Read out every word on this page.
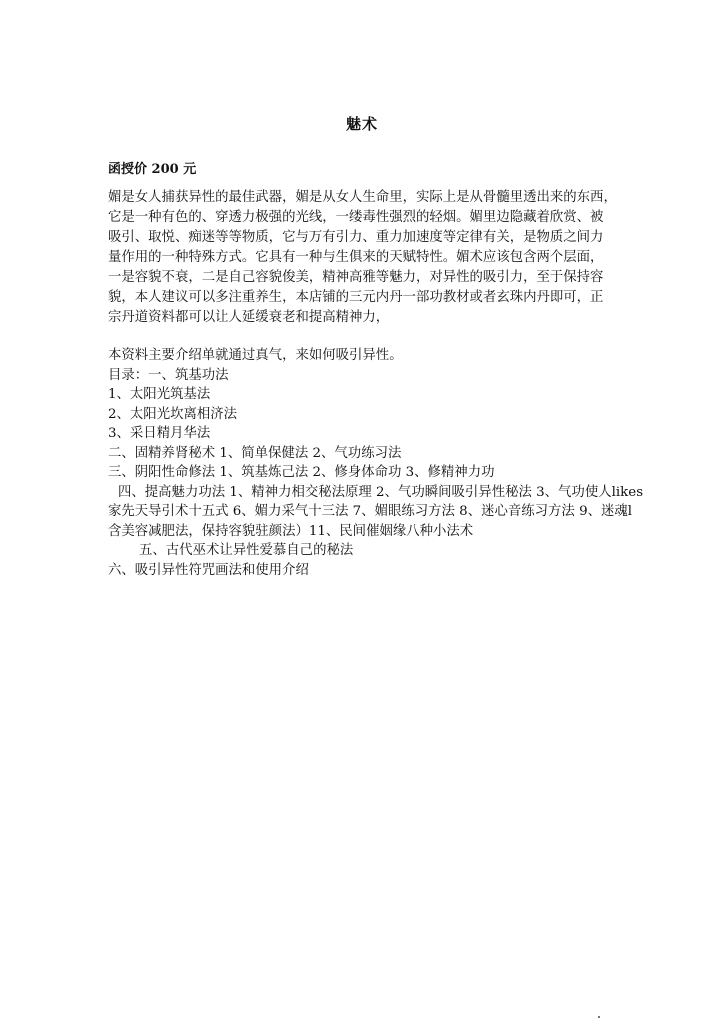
魅术
函授价 200 元
媚是女人捕获异性的最佳武器，媚是从女人生命里，实际上是从骨髓里透出来的东西，
它是一种有色的、穿透力极强的光线，一缕毒性强烈的轻烟。媚里边隐藏着欣赏、被
吸引、取悦、痴迷等等物质，它与万有引力、重力加速度等定律有关，是物质之间力
量作用的一种特殊方式。它具有一种与生俱来的天赋特性。媚术应该包含两个层面，
一是容貌不衰，二是自己容貌俊美，精神高雅等魅力，对异性的吸引力，至于保持容
貌，本人建议可以多注重养生，本店铺的三元内丹一部功教材或者玄珠内丹即可，正
宗丹道资料都可以让人延缓衰老和提高精神力，
本资料主要介绍单就通过真气，来如何吸引异性。
目录：一、筑基功法
1、太阳光筑基法
2、太阳光坎离相济法
3、采日精月华法
二、固精养肾秘术 1、简单保健法 2、气功练习法
三、阴阳性命修法 1、筑基炼己法 2、修身体命功 3、修精神力功
四、提高魅力功法 1、精神力相交秘法原理 2、气功瞬间吸引异性秘法 3、气功使人likes
家先天导引术十五式 6、媚力采气十三法 7、媚眼练习方法 8、迷心音练习方法 9、迷魂l
含美容减肥法，保持容貌驻颜法）11、民间催姻缘八种小法术
五、古代巫术让异性爱慕自己的秘法
六、吸引异性符咒画法和使用介绍
